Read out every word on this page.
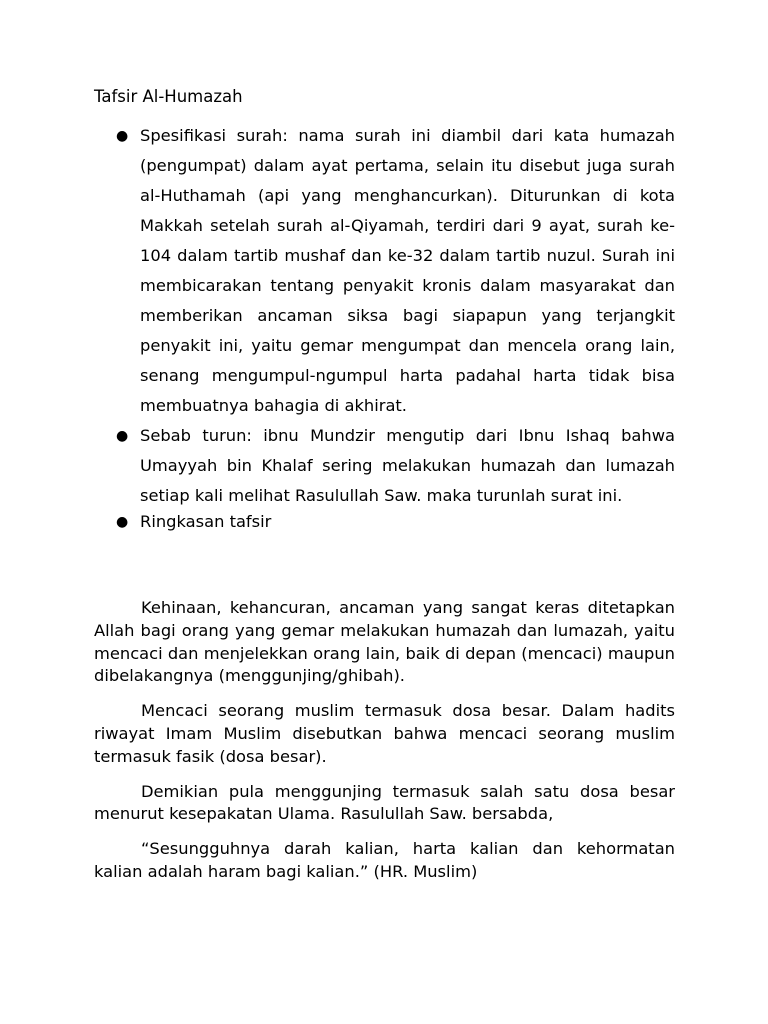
Tafsir Al-Humazah
● Spesifikasi surah: nama surah ini diambil dari kata humazah (pengumpat) dalam ayat pertama, selain itu disebut juga surah al-Huthamah (api yang menghancurkan). Diturunkan di kota Makkah setelah surah al-Qiyamah, terdiri dari 9 ayat, surah ke-104 dalam tartib mushaf dan ke-32 dalam tartib nuzul. Surah ini membicarakan tentang penyakit kronis dalam masyarakat dan memberikan ancaman siksa bagi siapapun yang terjangkit penyakit ini, yaitu gemar mengumpat dan mencela orang lain, senang mengumpul-ngumpul harta padahal harta tidak bisa membuatnya bahagia di akhirat.
● Sebab turun: ibnu Mundzir mengutip dari Ibnu Ishaq bahwa Umayyah bin Khalaf sering melakukan humazah dan lumazah setiap kali melihat Rasulullah Saw. maka turunlah surat ini.
● Ringkasan tafsir

Kehinaan, kehancuran, ancaman yang sangat keras ditetapkan Allah bagi orang yang gemar melakukan humazah dan lumazah, yaitu mencaci dan menjelekkan orang lain, baik di depan (mencaci) maupun dibelakangnya (menggunjing/ghibah).

Mencaci seorang muslim termasuk dosa besar. Dalam hadits riwayat Imam Muslim disebutkan bahwa mencaci seorang muslim termasuk fasik (dosa besar).

Demikian pula menggunjing termasuk salah satu dosa besar menurut kesepakatan Ulama. Rasulullah Saw. bersabda,

“Sesungguhnya darah kalian, harta kalian dan kehormatan kalian adalah haram bagi kalian.” (HR. Muslim)
